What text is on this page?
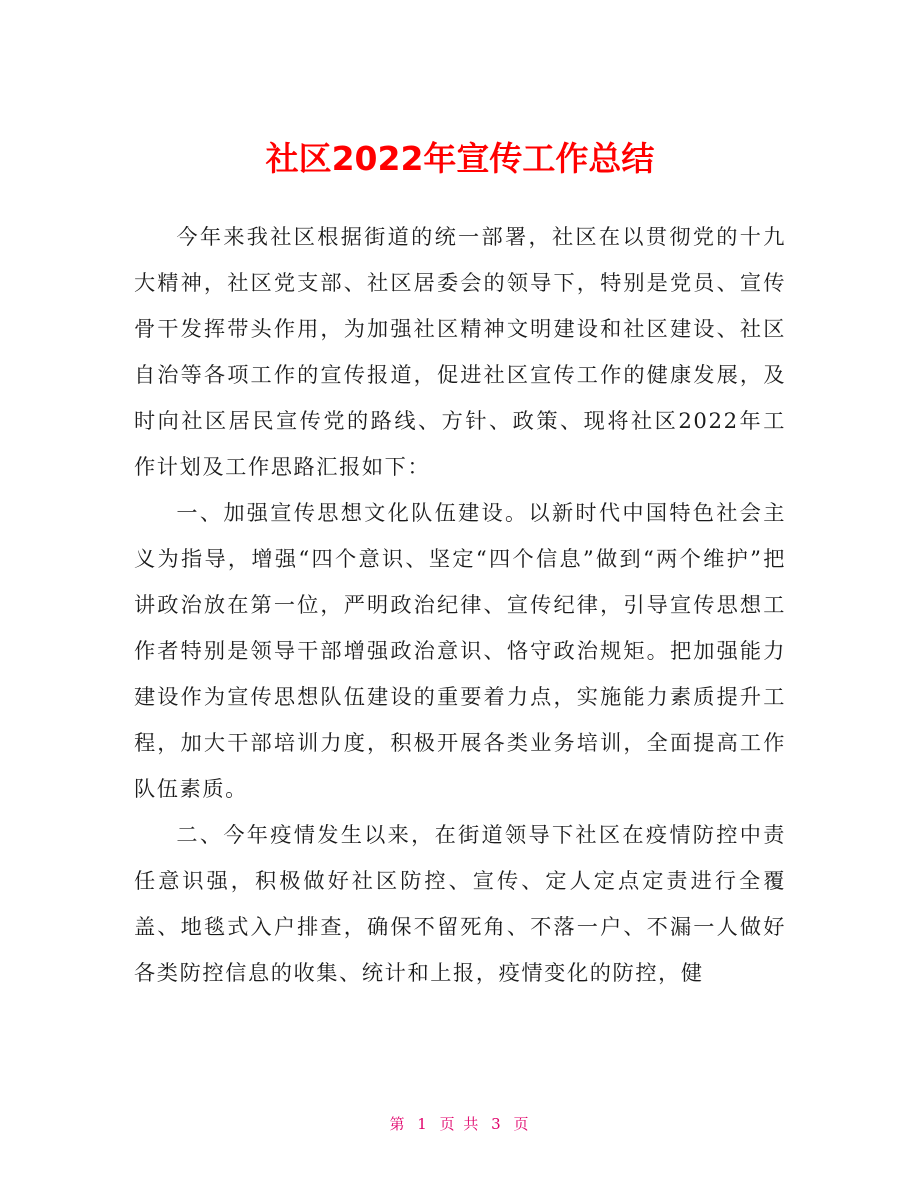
社区2022年宣传工作总结

今年来我社区根据街道的统一部署，社区在以贯彻党的十九大精神，社区党支部、社区居委会的领导下，特别是党员、宣传骨干发挥带头作用，为加强社区精神文明建设和社区建设、社区自治等各项工作的宣传报道，促进社区宣传工作的健康发展，及时向社区居民宣传党的路线、方针、政策、现将社区2022年工作计划及工作思路汇报如下：

一、加强宣传思想文化队伍建设。以新时代中国特色社会主义为指导，增强“四个意识、坚定“四个信息”做到“两个维护”把讲政治放在第一位，严明政治纪律、宣传纪律，引导宣传思想工作者特别是领导干部增强政治意识、恪守政治规矩。把加强能力建设作为宣传思想队伍建设的重要着力点，实施能力素质提升工程，加大干部培训力度，积极开展各类业务培训，全面提高工作队伍素质。

二、今年疫情发生以来，在街道领导下社区在疫情防控中责任意识强，积极做好社区防控、宣传、定人定点定责进行全覆盖、地毯式入户排查，确保不留死角、不落一户、不漏一人做好各类防控信息的收集、统计和上报，疫情变化的防控，健

第 1 页 共 3 页
